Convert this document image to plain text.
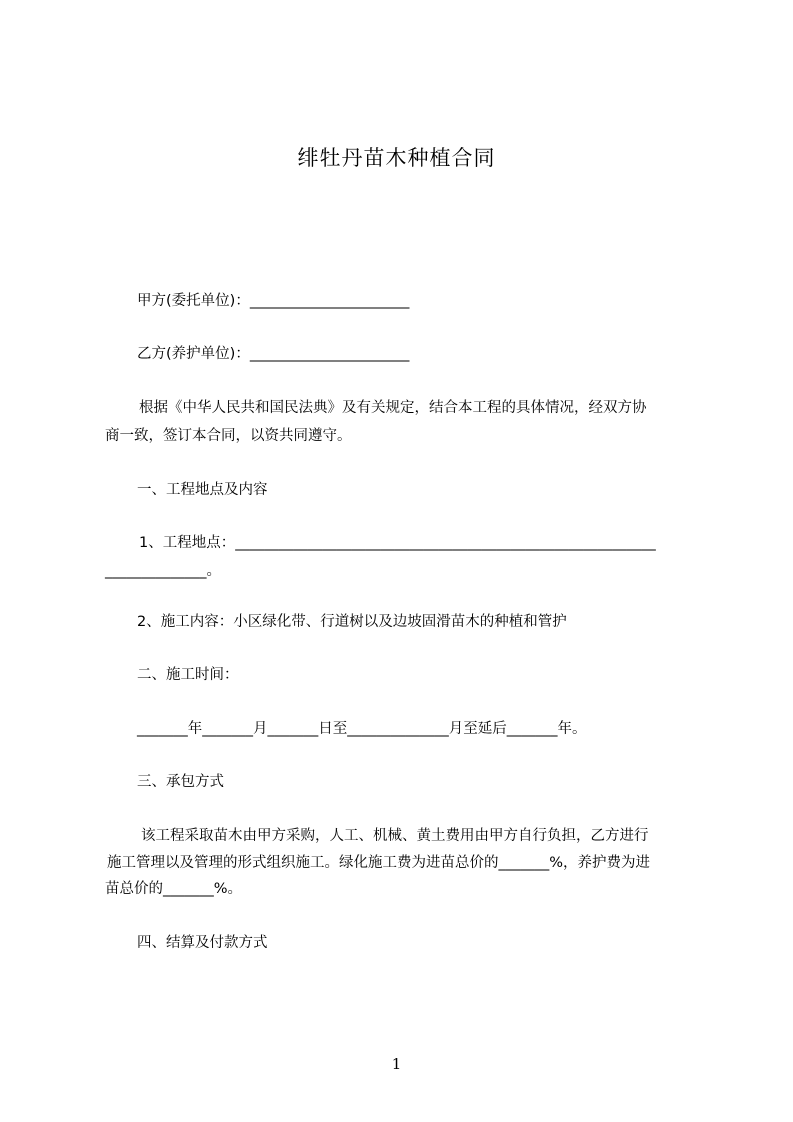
绯牡丹苗木种植合同
甲方(委托单位)：______________________
乙方(养护单位)：______________________
根据《中华人民共和国民法典》及有关规定，结合本工程的具体情况，经双方协
商一致，签订本合同，以资共同遵守。
一、工程地点及内容
1、工程地点：__________________________________________________________
______________。
2、施工内容：小区绿化带、行道树以及边坡固滑苗木的种植和管护
二、施工时间：
_______年_______月_______日至______________月至延后_______年。
三、承包方式
该工程采取苗木由甲方采购，人工、机械、黄土费用由甲方自行负担，乙方进行
施工管理以及管理的形式组织施工。绿化施工费为进苗总价的_______%，养护费为进
苗总价的_______%。
四、结算及付款方式
1
